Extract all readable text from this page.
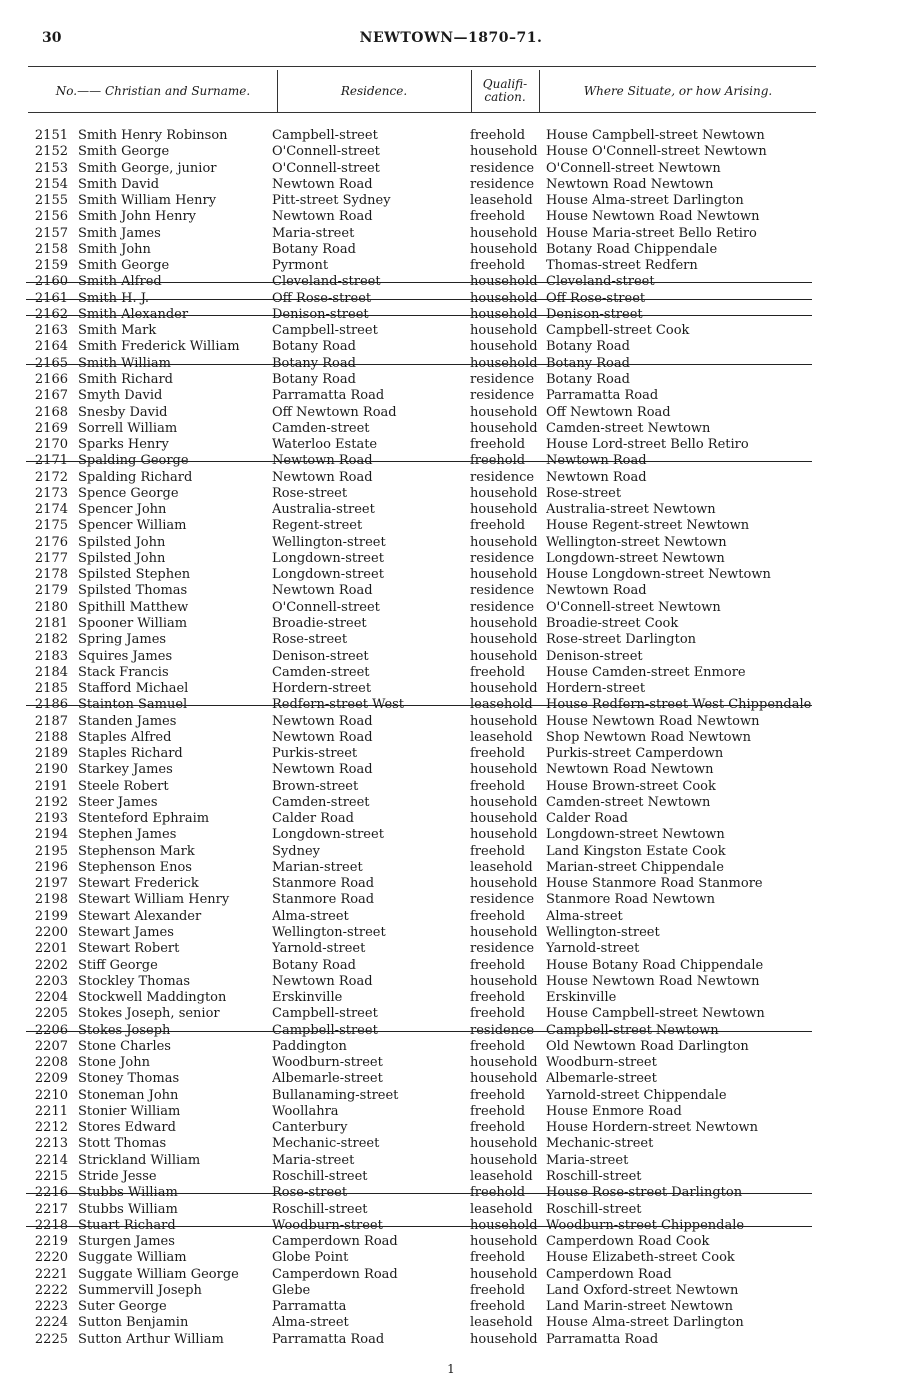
30	NEWTOWN—1870–71.
No.—— Christian and Surname.	Residence.	Qualifi- cation.	Where Situate, or how Arising.
2151 Smith Henry Robinson	Campbell-street	freehold	House Campbell-street Newtown
2152 Smith George	O'Connell-street	household House O'Connell-street Newtown
2153 Smith George, junior	O'Connell-street	residence O'Connell-street Newtown
2154 Smith David	Newtown Road	residence Newtown Road Newtown
2155 Smith William Henry	Pitt-street Sydney	leasehold	House Alma-street Darlington
2156 Smith John Henry	Newtown Road	freehold	House Newtown Road Newtown
2157 Smith James	Maria-street	household House Maria-street Bello Retiro
2158 Smith John	Botany Road	household Botany Road Chippendale
2159 Smith George	Pyrmont	freehold	Thomas-street Redfern
2160 Smith Alfred	Cleveland-street	household Cleveland-street
2161 Smith H. J.	Off Rose-street	household Off Rose-street
2162 Smith Alexander	Denison-street	household Denison-street
2163 Smith Mark	Campbell-street	household Campbell-street Cook
2164 Smith Frederick William	Botany Road	household Botany Road
2165 Smith William	Botany Road	household Botany Road
2166 Smith Richard	Botany Road	residence Botany Road
2167 Smyth David	Parramatta Road	residence Parramatta Road
2168 Snesby David	Off Newtown Road	household Off Newtown Road
2169 Sorrell William	Camden-street	household Camden-street Newtown
2170 Sparks Henry	Waterloo Estate	freehold	House Lord-street Bello Retiro
2171 Spalding George	Newtown Road	freehold	Newtown Road
2172 Spalding Richard	Newtown Road	residence Newtown Road
2173 Spence George	Rose-street	household Rose-street
2174 Spencer John	Australia-street	household Australia-street Newtown
2175 Spencer William	Regent-street	freehold	House Regent-street Newtown
2176 Spilsted John	Wellington-street	household Wellington-street Newtown
2177 Spilsted John	Longdown-street	residence Longdown-street Newtown
2178 Spilsted Stephen	Longdown-street	household House Longdown-street Newtown
2179 Spilsted Thomas	Newtown Road	residence Newtown Road
2180 Spithill Matthew	O'Connell-street	residence O'Connell-street Newtown
2181 Spooner William	Broadie-street	household Broadie-street Cook
2182 Spring James	Rose-street	household Rose-street Darlington
2183 Squires James	Denison-street	household Denison-street
2184 Stack Francis	Camden-street	freehold	House Camden-street Enmore
2185 Stafford Michael	Hordern-street	household Hordern-street
2186 Stainton Samuel	Redfern-street West	leasehold	House Redfern-street West Chippendale
2187 Standen James	Newtown Road	household House Newtown Road Newtown
2188 Staples Alfred	Newtown Road	leasehold	Shop Newtown Road Newtown
2189 Staples Richard	Purkis-street	freehold	Purkis-street Camperdown
2190 Starkey James	Newtown Road	household Newtown Road Newtown
2191 Steele Robert	Brown-street	freehold	House Brown-street Cook
2192 Steer James	Camden-street	household Camden-street Newtown
2193 Stenteford Ephraim	Calder Road	household Calder Road
2194 Stephen James	Longdown-street	household Longdown-street Newtown
2195 Stephenson Mark	Sydney	freehold	Land Kingston Estate Cook
2196 Stephenson Enos	Marian-street	leasehold	Marian-street Chippendale
2197 Stewart Frederick	Stanmore Road	household House Stanmore Road Stanmore
2198 Stewart William Henry	Stanmore Road	residence Stanmore Road Newtown
2199 Stewart Alexander	Alma-street	freehold	Alma-street
2200 Stewart James	Wellington-street	household Wellington-street
2201 Stewart Robert	Yarnold-street	residence Yarnold-street
2202 Stiff George	Botany Road	freehold	House Botany Road Chippendale
2203 Stockley Thomas	Newtown Road	household House Newtown Road Newtown
2204 Stockwell Maddington	Erskinville	freehold	Erskinville
2205 Stokes Joseph, senior	Campbell-street	freehold	House Campbell-street Newtown
2206 Stokes Joseph	Campbell-street	residence Campbell-street Newtown
2207 Stone Charles	Paddington	freehold	Old Newtown Road Darlington
2208 Stone John	Woodburn-street	household Woodburn-street
2209 Stoney Thomas	Albemarle-street	household Albemarle-street
2210 Stoneman John	Bullanaming-street	freehold	Yarnold-street Chippendale
2211 Stonier William	Woollahra	freehold	House Enmore Road
2212 Stores Edward	Canterbury	freehold	House Hordern-street Newtown
2213 Stott Thomas	Mechanic-street	household Mechanic-street
2214 Strickland William	Maria-street	household Maria-street
2215 Stride Jesse	Roschill-street	leasehold	Roschill-street
2216 Stubbs William	Rose-street	freehold	House Rose-street Darlington
2217 Stubbs William	Roschill-street	leasehold	Roschill-street
2218 Stuart Richard	Woodburn-street	household Woodburn-street Chippendale
2219 Sturgen James	Camperdown Road	household Camperdown Road Cook
2220 Suggate William	Globe Point	freehold	House Elizabeth-street Cook
2221 Suggate William George	Camperdown Road	household Camperdown Road
2222 Summervill Joseph	Glebe	freehold	Land Oxford-street Newtown
2223 Suter George	Parramatta	freehold	Land Marin-street Newtown
2224 Sutton Benjamin	Alma-street	leasehold	House Alma-street Darlington
2225 Sutton Arthur William	Parramatta Road	household Parramatta Road
1
